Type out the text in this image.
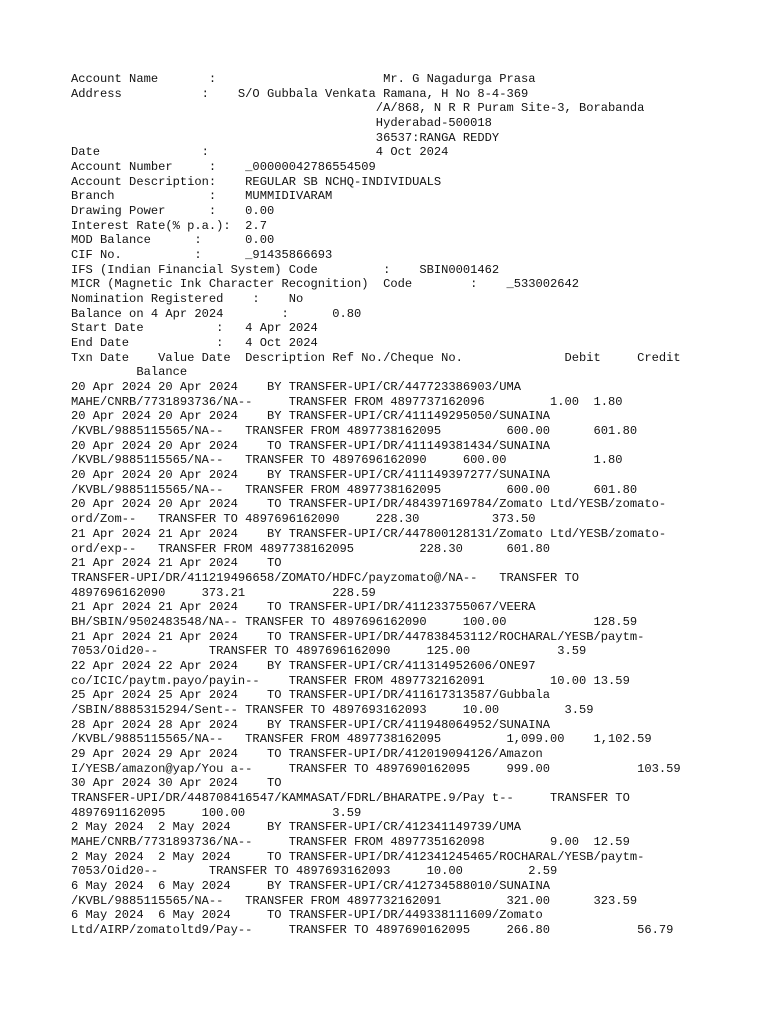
Account Name       :                       Mr. G Nagadurga Prasa
Address           :    S/O Gubbala Venkata Ramana, H No 8-4-369
/A/868, N R R Puram Site-3, Borabanda
Hyderabad-500018
36537:RANGA REDDY
Date              :                       4 Oct 2024
Account Number     :    _00000042786554509
Account Description:    REGULAR SB NCHQ-INDIVIDUALS
Branch             :    MUMMIDIVARAM
Drawing Power      :    0.00
Interest Rate(% p.a.):  2.7
MOD Balance      :      0.00
CIF No.          :      _91435866693
IFS (Indian Financial System) Code         :    SBIN0001462
MICR (Magnetic Ink Character Recognition)  Code        :    _533002642
Nomination Registered    :    No
Balance on 4 Apr 2024        :      0.80
Start Date          :   4 Apr 2024
End Date            :   4 Oct 2024
Txn Date    Value Date  Description Ref No./Cheque No.              Debit     Credit
Balance
20 Apr 2024 20 Apr 2024    BY TRANSFER-UPI/CR/447723386903/UMA
MAHE/CNRB/7731893736/NA--     TRANSFER FROM 4897737162096         1.00  1.80
20 Apr 2024 20 Apr 2024    BY TRANSFER-UPI/CR/411149295050/SUNAINA
/KVBL/9885115565/NA--   TRANSFER FROM 4897738162095         600.00      601.80
20 Apr 2024 20 Apr 2024    TO TRANSFER-UPI/DR/411149381434/SUNAINA
/KVBL/9885115565/NA--   TRANSFER TO 4897696162090     600.00            1.80
20 Apr 2024 20 Apr 2024    BY TRANSFER-UPI/CR/411149397277/SUNAINA
/KVBL/9885115565/NA--   TRANSFER FROM 4897738162095         600.00      601.80
20 Apr 2024 20 Apr 2024    TO TRANSFER-UPI/DR/484397169784/Zomato Ltd/YESB/zomato-
ord/Zom--   TRANSFER TO 4897696162090     228.30          373.50
21 Apr 2024 21 Apr 2024    BY TRANSFER-UPI/CR/447800128131/Zomato Ltd/YESB/zomato-
ord/exp--   TRANSFER FROM 4897738162095         228.30      601.80
21 Apr 2024 21 Apr 2024    TO
TRANSFER-UPI/DR/411219496658/ZOMATO/HDFC/payzomato@/NA--   TRANSFER TO
4897696162090     373.21            228.59
21 Apr 2024 21 Apr 2024    TO TRANSFER-UPI/DR/411233755067/VEERA
BH/SBIN/9502483548/NA-- TRANSFER TO 4897696162090     100.00            128.59
21 Apr 2024 21 Apr 2024    TO TRANSFER-UPI/DR/447838453112/ROCHARAL/YESB/paytm-
7053/Oid20--       TRANSFER TO 4897696162090     125.00            3.59
22 Apr 2024 22 Apr 2024    BY TRANSFER-UPI/CR/411314952606/ONE97
co/ICIC/paytm.payo/payin--    TRANSFER FROM 4897732162091         10.00 13.59
25 Apr 2024 25 Apr 2024    TO TRANSFER-UPI/DR/411617313587/Gubbala
/SBIN/8885315294/Sent-- TRANSFER TO 4897693162093     10.00         3.59
28 Apr 2024 28 Apr 2024    BY TRANSFER-UPI/CR/411948064952/SUNAINA
/KVBL/9885115565/NA--   TRANSFER FROM 4897738162095         1,099.00    1,102.59
29 Apr 2024 29 Apr 2024    TO TRANSFER-UPI/DR/412019094126/Amazon
I/YESB/amazon@yap/You a--     TRANSFER TO 4897690162095     999.00            103.59
30 Apr 2024 30 Apr 2024    TO
TRANSFER-UPI/DR/448708416547/KAMMASAT/FDRL/BHARATPE.9/Pay t--     TRANSFER TO
4897691162095     100.00            3.59
2 May 2024  2 May 2024     BY TRANSFER-UPI/CR/412341149739/UMA
MAHE/CNRB/7731893736/NA--     TRANSFER FROM 4897735162098         9.00  12.59
2 May 2024  2 May 2024     TO TRANSFER-UPI/DR/412341245465/ROCHARAL/YESB/paytm-
7053/Oid20--       TRANSFER TO 4897693162093     10.00         2.59
6 May 2024  6 May 2024     BY TRANSFER-UPI/CR/412734588010/SUNAINA
/KVBL/9885115565/NA--   TRANSFER FROM 4897732162091         321.00      323.59
6 May 2024  6 May 2024     TO TRANSFER-UPI/DR/449338111609/Zomato
Ltd/AIRP/zomatoltd9/Pay--     TRANSFER TO 4897690162095     266.80            56.79
